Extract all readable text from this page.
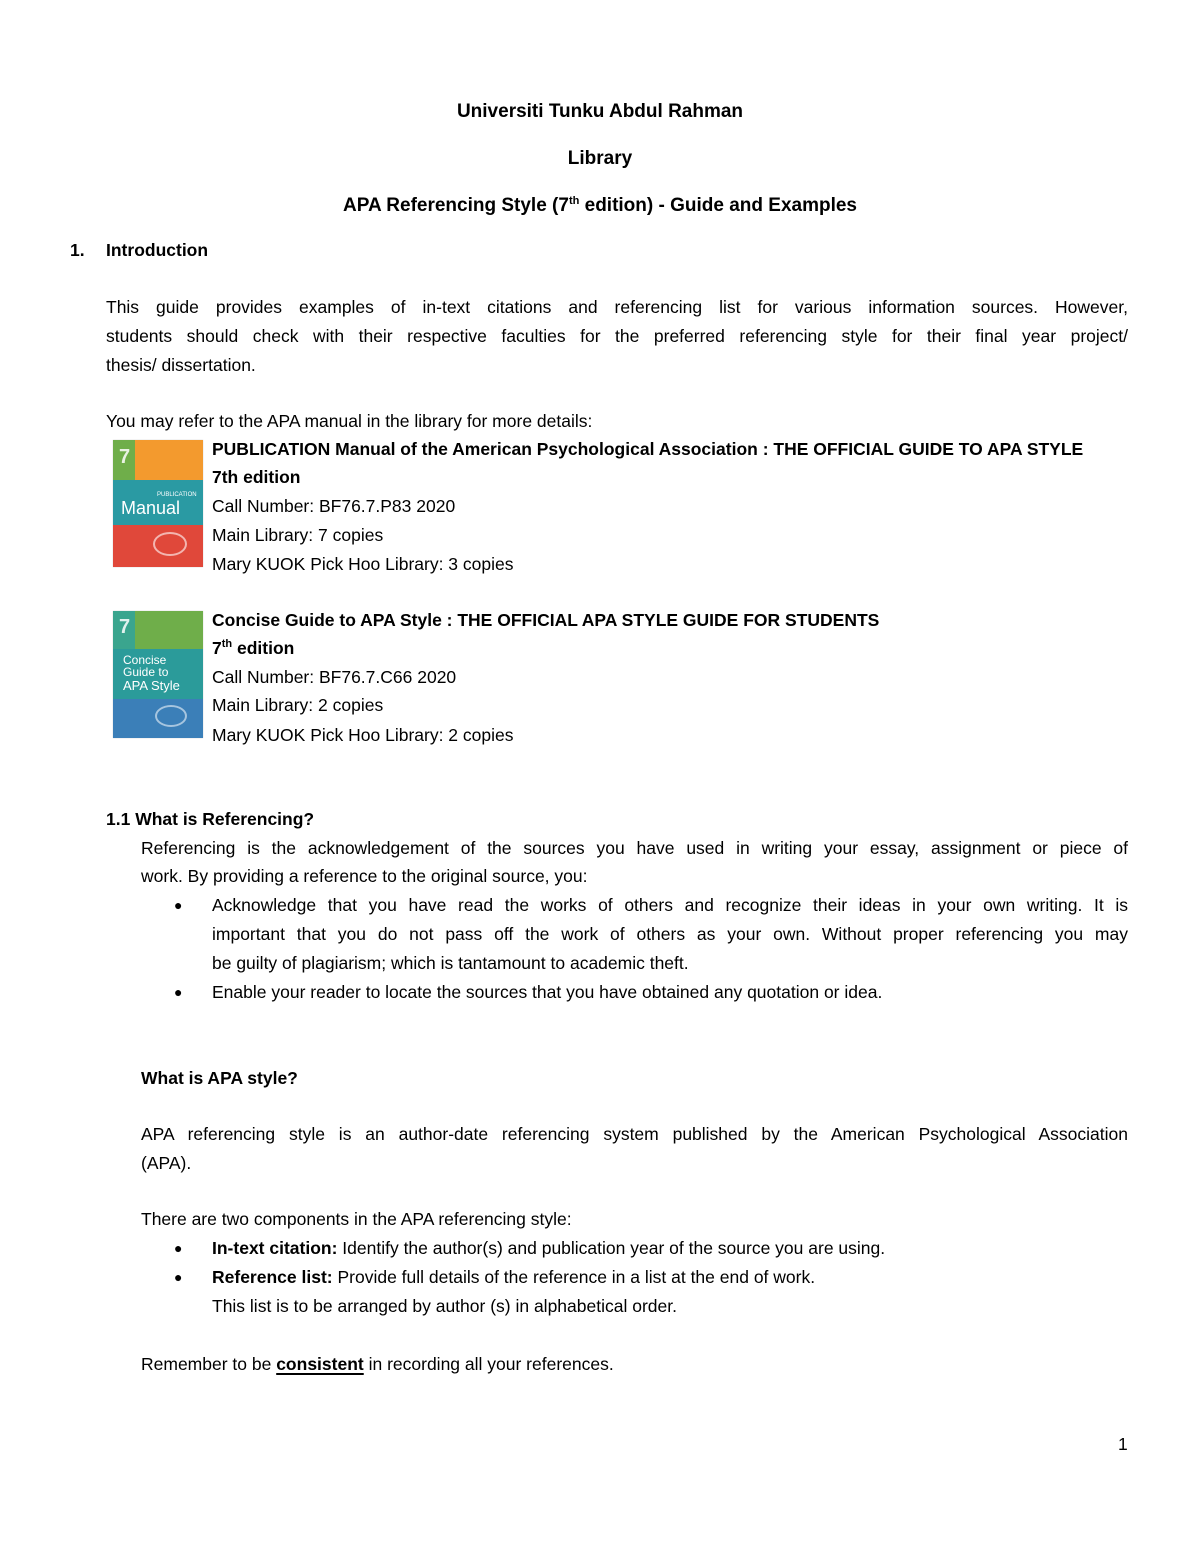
Universiti Tunku Abdul Rahman
Library
APA Referencing Style (7th edition) - Guide and Examples
1. Introduction
This guide provides examples of in-text citations and referencing list for various information sources. However,
students should check with their respective faculties for the preferred referencing style for their final year project/
thesis/ dissertation.
You may refer to the APA manual in the library for more details:
7
PUBLICATION
Manual
PUBLICATION Manual of the American Psychological Association : THE OFFICIAL GUIDE TO APA STYLE
7th edition
Call Number: BF76.7.P83 2020
Main Library: 7 copies
Mary KUOK Pick Hoo Library: 3 copies
7
Concise
Guide to
APA Style
Concise Guide to APA Style : THE OFFICIAL APA STYLE GUIDE FOR STUDENTS
7th edition
Call Number: BF76.7.C66 2020
Main Library: 2 copies
Mary KUOK Pick Hoo Library: 2 copies
1.1 What is Referencing?
Referencing is the acknowledgement of the sources you have used in writing your essay, assignment or piece of
work. By providing a reference to the original source, you:
● Acknowledge that you have read the works of others and recognize their ideas in your own writing. It is
important that you do not pass off the work of others as your own. Without proper referencing you may
be guilty of plagiarism; which is tantamount to academic theft.
● Enable your reader to locate the sources that you have obtained any quotation or idea.
What is APA style?
APA referencing style is an author-date referencing system published by the American Psychological Association
(APA).
There are two components in the APA referencing style:
● In-text citation: Identify the author(s) and publication year of the source you are using.
● Reference list: Provide full details of the reference in a list at the end of work.
This list is to be arranged by author (s) in alphabetical order.
Remember to be consistent in recording all your references.
1
